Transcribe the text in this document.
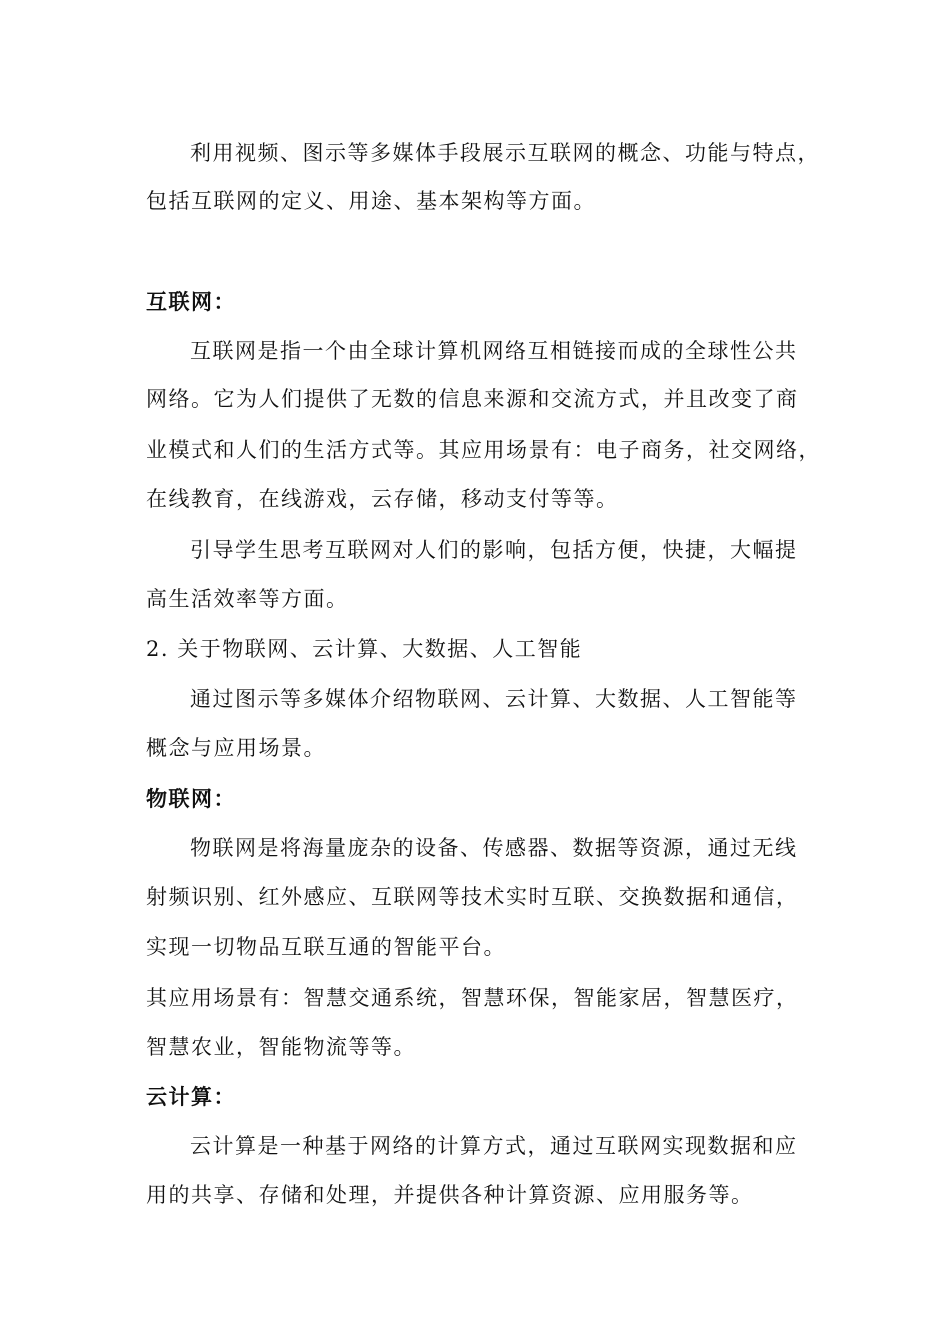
利用视频、图示等多媒体手段展示互联网的概念、功能与特点，
包括互联网的定义、用途、基本架构等方面。
互联网：
互联网是指一个由全球计算机网络互相链接而成的全球性公共
网络。它为人们提供了无数的信息来源和交流方式，并且改变了商
业模式和人们的生活方式等。其应用场景有：电子商务，社交网络，
在线教育，在线游戏，云存储，移动支付等等。
引导学生思考互联网对人们的影响，包括方便，快捷，大幅提
高生活效率等方面。
2. 关于物联网、云计算、大数据、人工智能
通过图示等多媒体介绍物联网、云计算、大数据、人工智能等
概念与应用场景。
物联网：
物联网是将海量庞杂的设备、传感器、数据等资源，通过无线
射频识别、红外感应、互联网等技术实时互联、交换数据和通信，
实现一切物品互联互通的智能平台。
其应用场景有：智慧交通系统，智慧环保，智能家居，智慧医疗，
智慧农业，智能物流等等。
云计算：
云计算是一种基于网络的计算方式，通过互联网实现数据和应
用的共享、存储和处理，并提供各种计算资源、应用服务等。
